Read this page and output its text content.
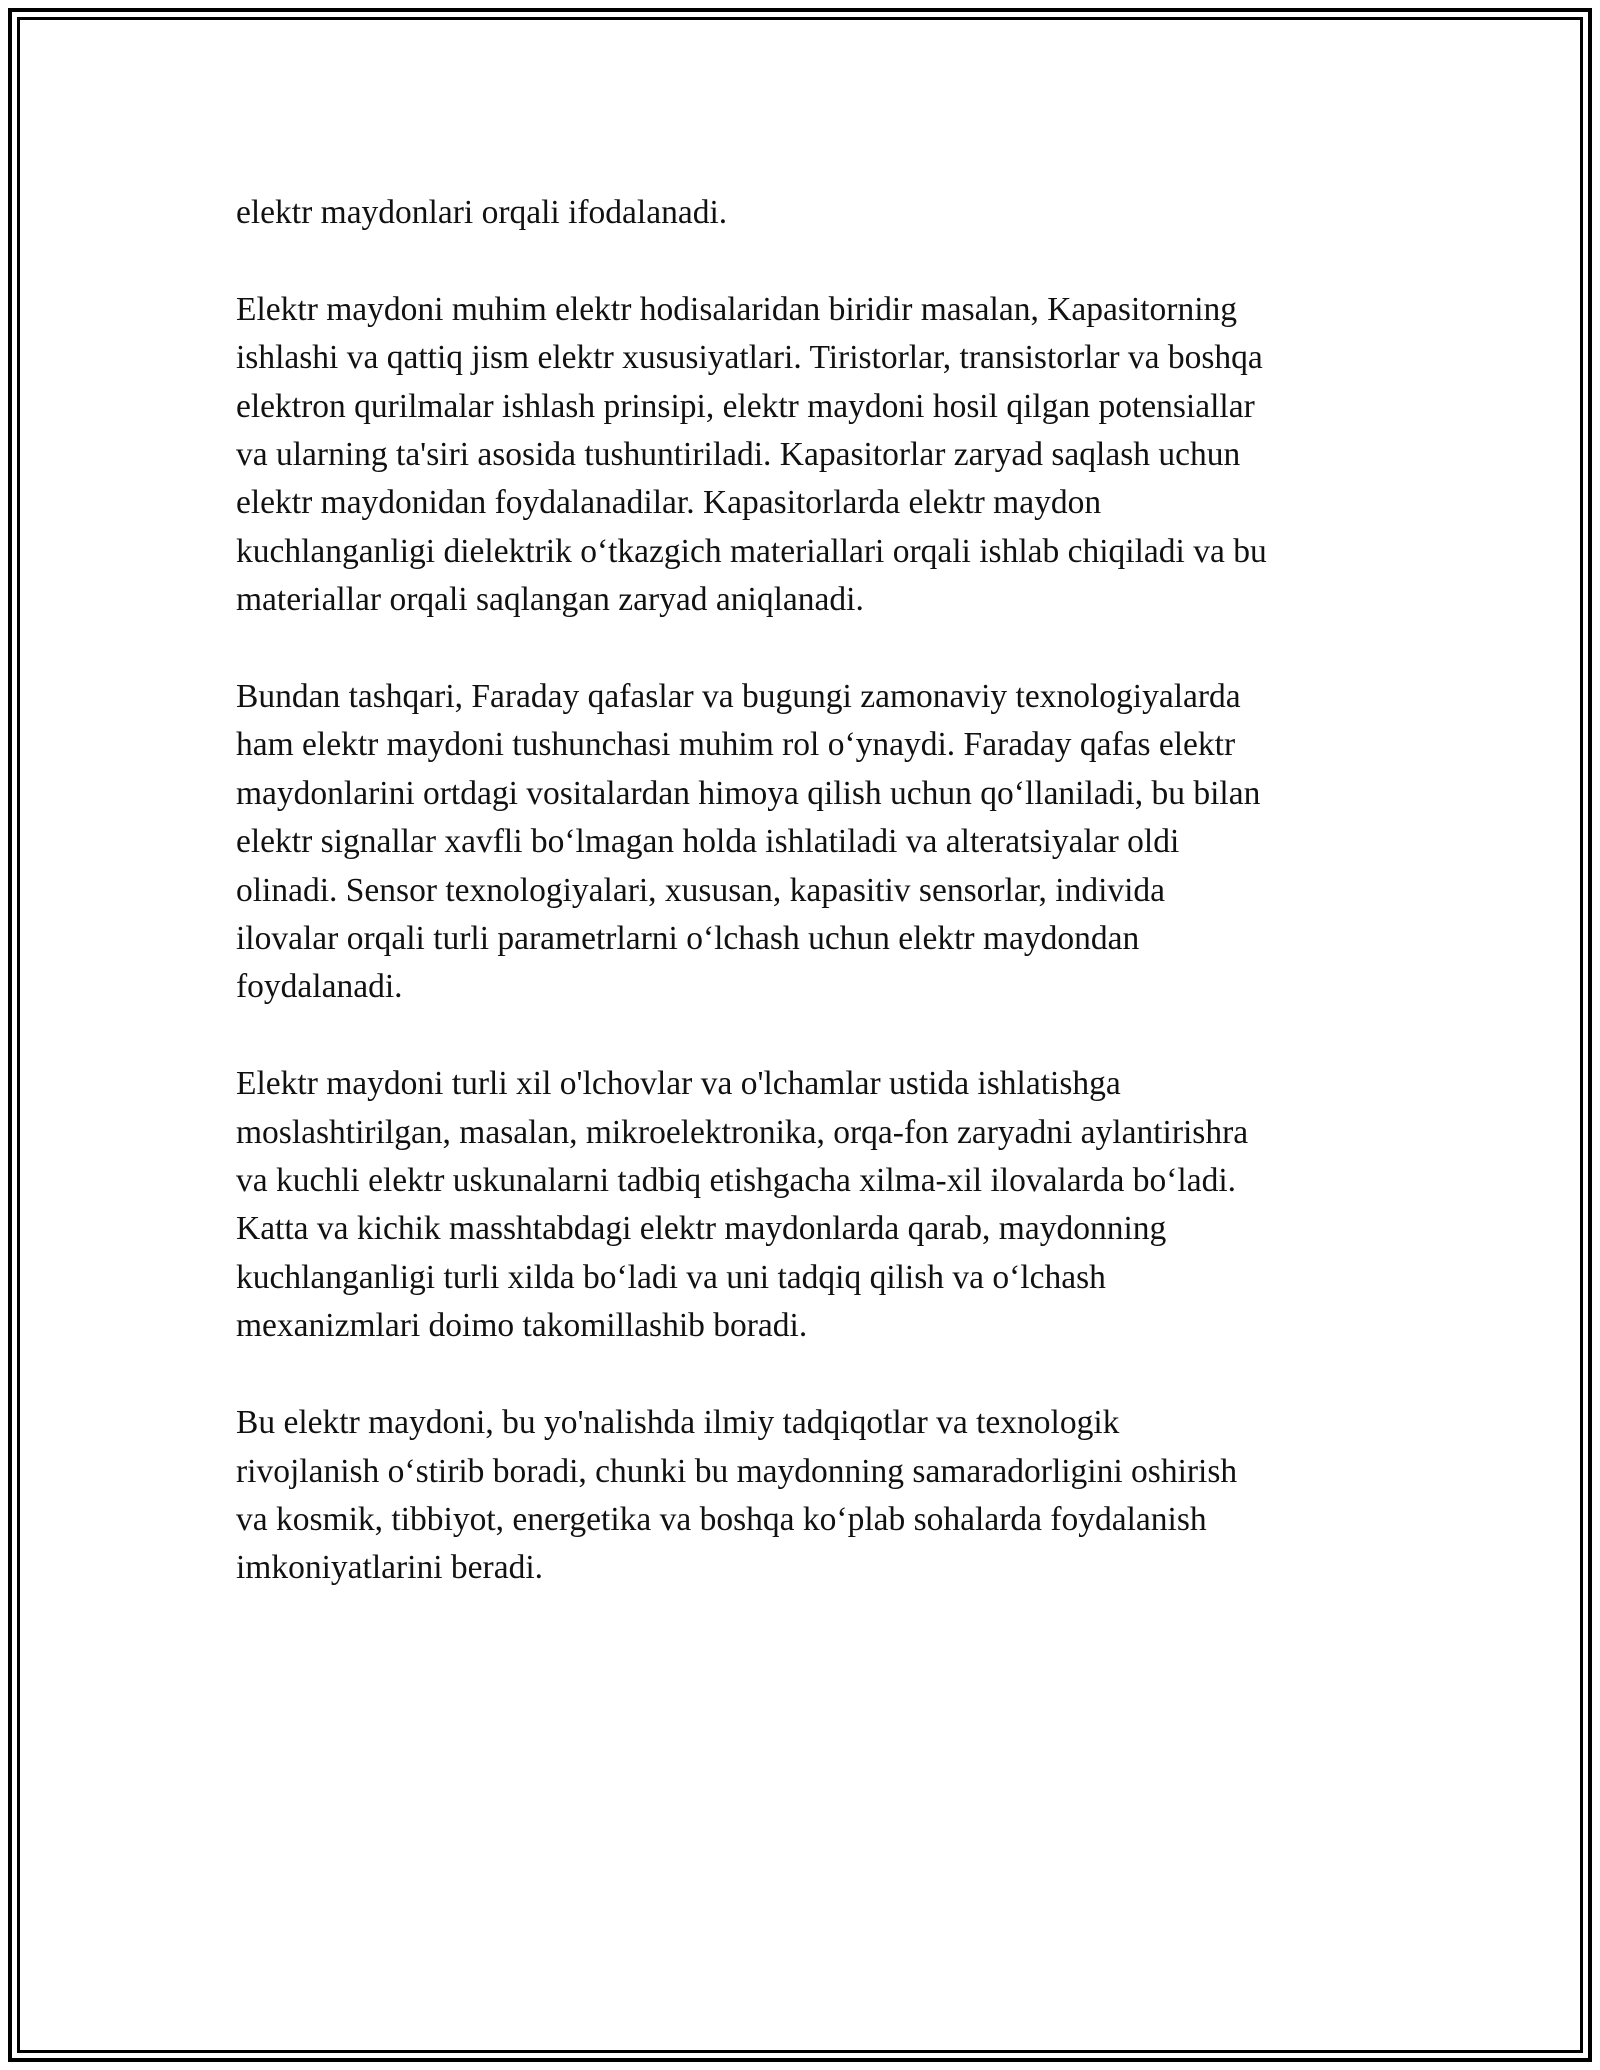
elektr maydonlari orqali ifodalanadi.

Elektr maydoni muhim elektr hodisalaridan biridir masalan, Kapasitorning
ishlashi va qattiq jism elektr xususiyatlari. Tiristorlar, transistorlar va boshqa
elektron qurilmalar ishlash prinsipi, elektr maydoni hosil qilgan potensiallar
va ularning ta'siri asosida tushuntiriladi. Kapasitorlar zaryad saqlash uchun
elektr maydonidan foydalanadilar. Kapasitorlarda elektr maydon
kuchlanganligi dielektrik o‘tkazgich materiallari orqali ishlab chiqiladi va bu
materiallar orqali saqlangan zaryad aniqlanadi.

Bundan tashqari, Faraday qafaslar va bugungi zamonaviy texnologiyalarda
ham elektr maydoni tushunchasi muhim rol o‘ynaydi. Faraday qafas elektr
maydonlarini ortdagi vositalardan himoya qilish uchun qo‘llaniladi, bu bilan
elektr signallar xavfli bo‘lmagan holda ishlatiladi va alteratsiyalar oldi
olinadi. Sensor texnologiyalari, xususan, kapasitiv sensorlar, individa
ilovalar orqali turli parametrlarni o‘lchash uchun elektr maydondan
foydalanadi.

Elektr maydoni turli xil o'lchovlar va o'lchamlar ustida ishlatishga
moslashtirilgan, masalan, mikroelektronika, orqa-fon zaryadni aylantirishra
va kuchli elektr uskunalarni tadbiq etishgacha xilma-xil ilovalarda bo‘ladi.
Katta va kichik masshtabdagi elektr maydonlarda qarab, maydonning
kuchlanganligi turli xilda bo‘ladi va uni tadqiq qilish va o‘lchash
mexanizmlari doimo takomillashib boradi.

Bu elektr maydoni, bu yo'nalishda ilmiy tadqiqotlar va texnologik
rivojlanish o‘stirib boradi, chunki bu maydonning samaradorligini oshirish
va kosmik, tibbiyot, energetika va boshqa ko‘plab sohalarda foydalanish
imkoniyatlarini beradi.
